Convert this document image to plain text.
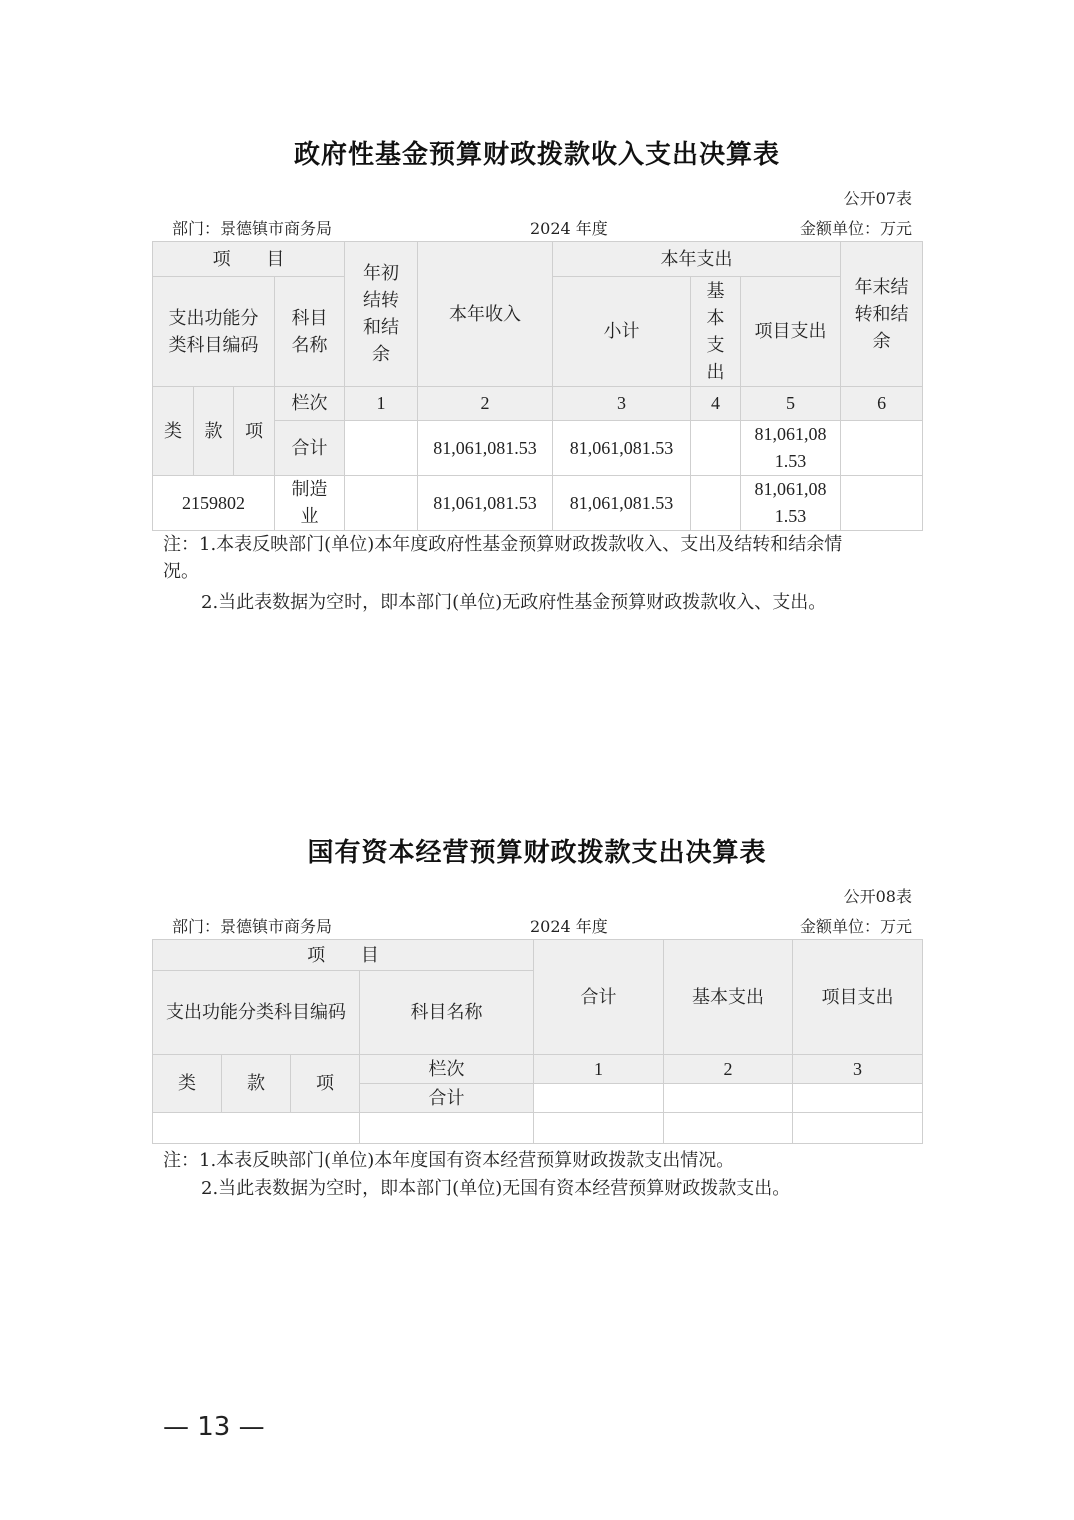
政府性基金预算财政拨款收入支出决算表
公开07表
部门：景德镇市商务局	2024 年度	金额单位：万元
项 目				年初结转和结余	本年收入	本年支出			年末结转和结余
支出功能分类科目编码			科目名称			小计	基本支出	项目支出	
类	款	项	栏次	1	2	3	4	5	6
			合计		81,061,081.53	81,061,081.53		81,061,081.53	
2159802			制造业		81,061,081.53	81,061,081.53		81,061,081.53	
注：1.本表反映部门(单位)本年度政府性基金预算财政拨款收入、支出及结转和结余情
况。
2.当此表数据为空时，即本部门(单位)无政府性基金预算财政拨款收入、支出。
国有资本经营预算财政拨款支出决算表
公开08表
部门：景德镇市商务局	2024 年度	金额单位：万元
项 目				合计	基本支出	项目支出
支出功能分类科目编码			科目名称			
类	款	项	栏次	1	2	3
			合计			

注：1.本表反映部门(单位)本年度国有资本经营预算财政拨款支出情况。
2.当此表数据为空时，即本部门(单位)无国有资本经营预算财政拨款支出。
— 13 —
